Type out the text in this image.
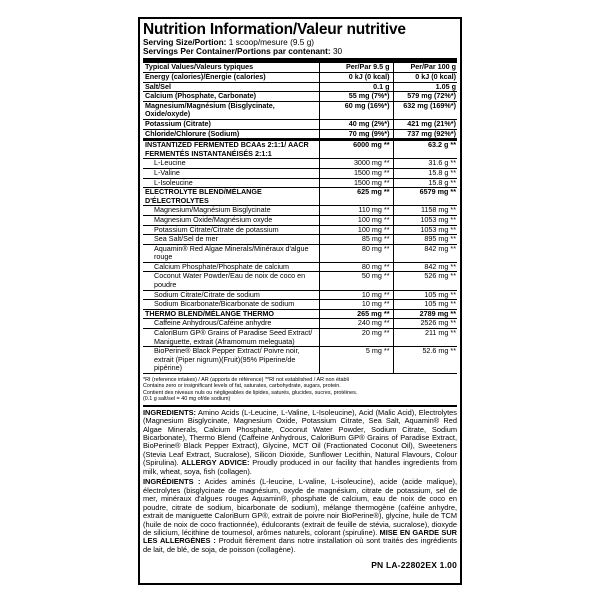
Nutrition Information/Valeur nutritive
Serving Size/Portion: 1 scoop/mesure (9.5 g)
Servings Per Container/Portions par contenant: 30
Typical Values/Valeurs typiques	Per/Par 9.5 g	Per/Par 100 g
Energy (calories)/Énergie (calories)	0 kJ (0 kcal)	0 kJ (0 kcal)
Salt/Sel	0.1 g	1.05 g
Calcium (Phosphate, Carbonate)	55 mg (7%*)	579 mg (72%*)
Magnesium/Magnésium (Bisglycinate, Oxide/oxyde)	60 mg (16%*)	632 mg (169%*)
Potassium (Citrate)	40 mg (2%*)	421 mg (21%*)
Chloride/Chlorure (Sodium)	70 mg (9%*)	737 mg (92%*)
INSTANTIZED FERMENTED BCAAs 2:1:1/ AACR FERMENTÉS INSTANTANÉISÉS 2:1:1	6000 mg **	63.2 g **
L-Leucine	3000 mg **	31.6 g **
L-Valine	1500 mg **	15.8 g **
L-Isoleucine	1500 mg **	15.8 g **
ELECTROLYTE BLEND/MÉLANGE D'ÉLECTROLYTES	625 mg **	6579 mg **
Magnesium/Magnésium Bisglycinate	110 mg **	1158 mg **
Magnesium Oxide/Magnésium oxyde	100 mg **	1053 mg **
Potassium Citrate/Citrate de potassium	100 mg **	1053 mg **
Sea Salt/Sel de mer	85 mg **	895 mg **
Aquamin® Red Algae Minerals/Minéraux d'algue rouge	80 mg **	842 mg **
Calcium Phosphate/Phosphate de calcium	80 mg **	842 mg **
Coconut Water Powder/Eau de noix de coco en poudre	50 mg **	526 mg **
Sodium Citrate/Citrate de sodium	10 mg **	105 mg **
Sodium Bicarbonate/Bicarbonate de sodium	10 mg **	105 mg **
THERMO BLEND/MÉLANGE THERMO	265 mg **	2789 mg **
Caffeine Anhydrous/Caféine anhydre	240 mg **	2526 mg **
CaloriBurn GP® Grains of Paradise Seed Extract/ Maniguette, extrait (Aframomum meleguata)	20 mg **	211 mg **
BioPerine® Black Pepper Extract/ Poivre noir, extrait (Piper nigrum)(Fruit)(95% Piperine/de pipérine)	5 mg **	52.6 mg **
*RI (reference intakes) / AR (apports de référence) **RI not established / AR non établi
Contains zero or insignificant levels of fat, saturates, carbohydrate, sugars, protein.
Contient des niveaux nuls ou négligeables de lipides, saturés, glucides, sucres, protéines.
(0.1 g salt/sel = 40 mg of/de sodium)
INGREDIENTS: Amino Acids (L-Leucine, L-Valine, L-Isoleucine), Acid (Malic Acid), Electrolytes (Magnesium Bisglycinate, Magnesium Oxide, Potassium Citrate, Sea Salt, Aquamin® Red Algae Minerals, Calcium Phosphate, Coconut Water Powder, Sodium Citrate, Sodium Bicarbonate), Thermo Blend (Caffeine Anhydrous, CaloriBurn GP® Grains of Paradise Extract, BioPerine® Black Pepper Extract), Glycine, MCT Oil (Fractionated Coconut Oil), Sweeteners (Stevia Leaf Extract, Sucralose), Silicon Dioxide, Sunflower Lecithin, Natural Flavours, Colour (Spirulina). ALLERGY ADVICE: Proudly produced in our facility that handles ingredients from milk, wheat, soya, fish (collagen).
INGRÉDIENTS : Acides aminés (L-leucine, L-valine, L-isoleucine), acide (acide malique), électrolytes (bisglycinate de magnésium, oxyde de magnésium, citrate de potassium, sel de mer, minéraux d'algues rouges Aquamin®, phosphate de calcium, eau de noix de coco en poudre, citrate de sodium, bicarbonate de sodium), mélange thermogène (caféine anhydre, extrait de maniguette CaloriBurn GP®, extrait de poivre noir BioPerine®), glycine, huile de TCM (huile de noix de coco fractionnée), édulcorants (extrait de feuille de stévia, sucralose), dioxyde de silicium, lécithine de tournesol, arômes naturels, colorant (spiruline). MISE EN GARDE SUR LES ALLERGÈNES : Produit fièrement dans notre installation où sont traités des ingrédients de lait, de blé, de soja, de poisson (collagène).
PN LA-22802EX 1.00
